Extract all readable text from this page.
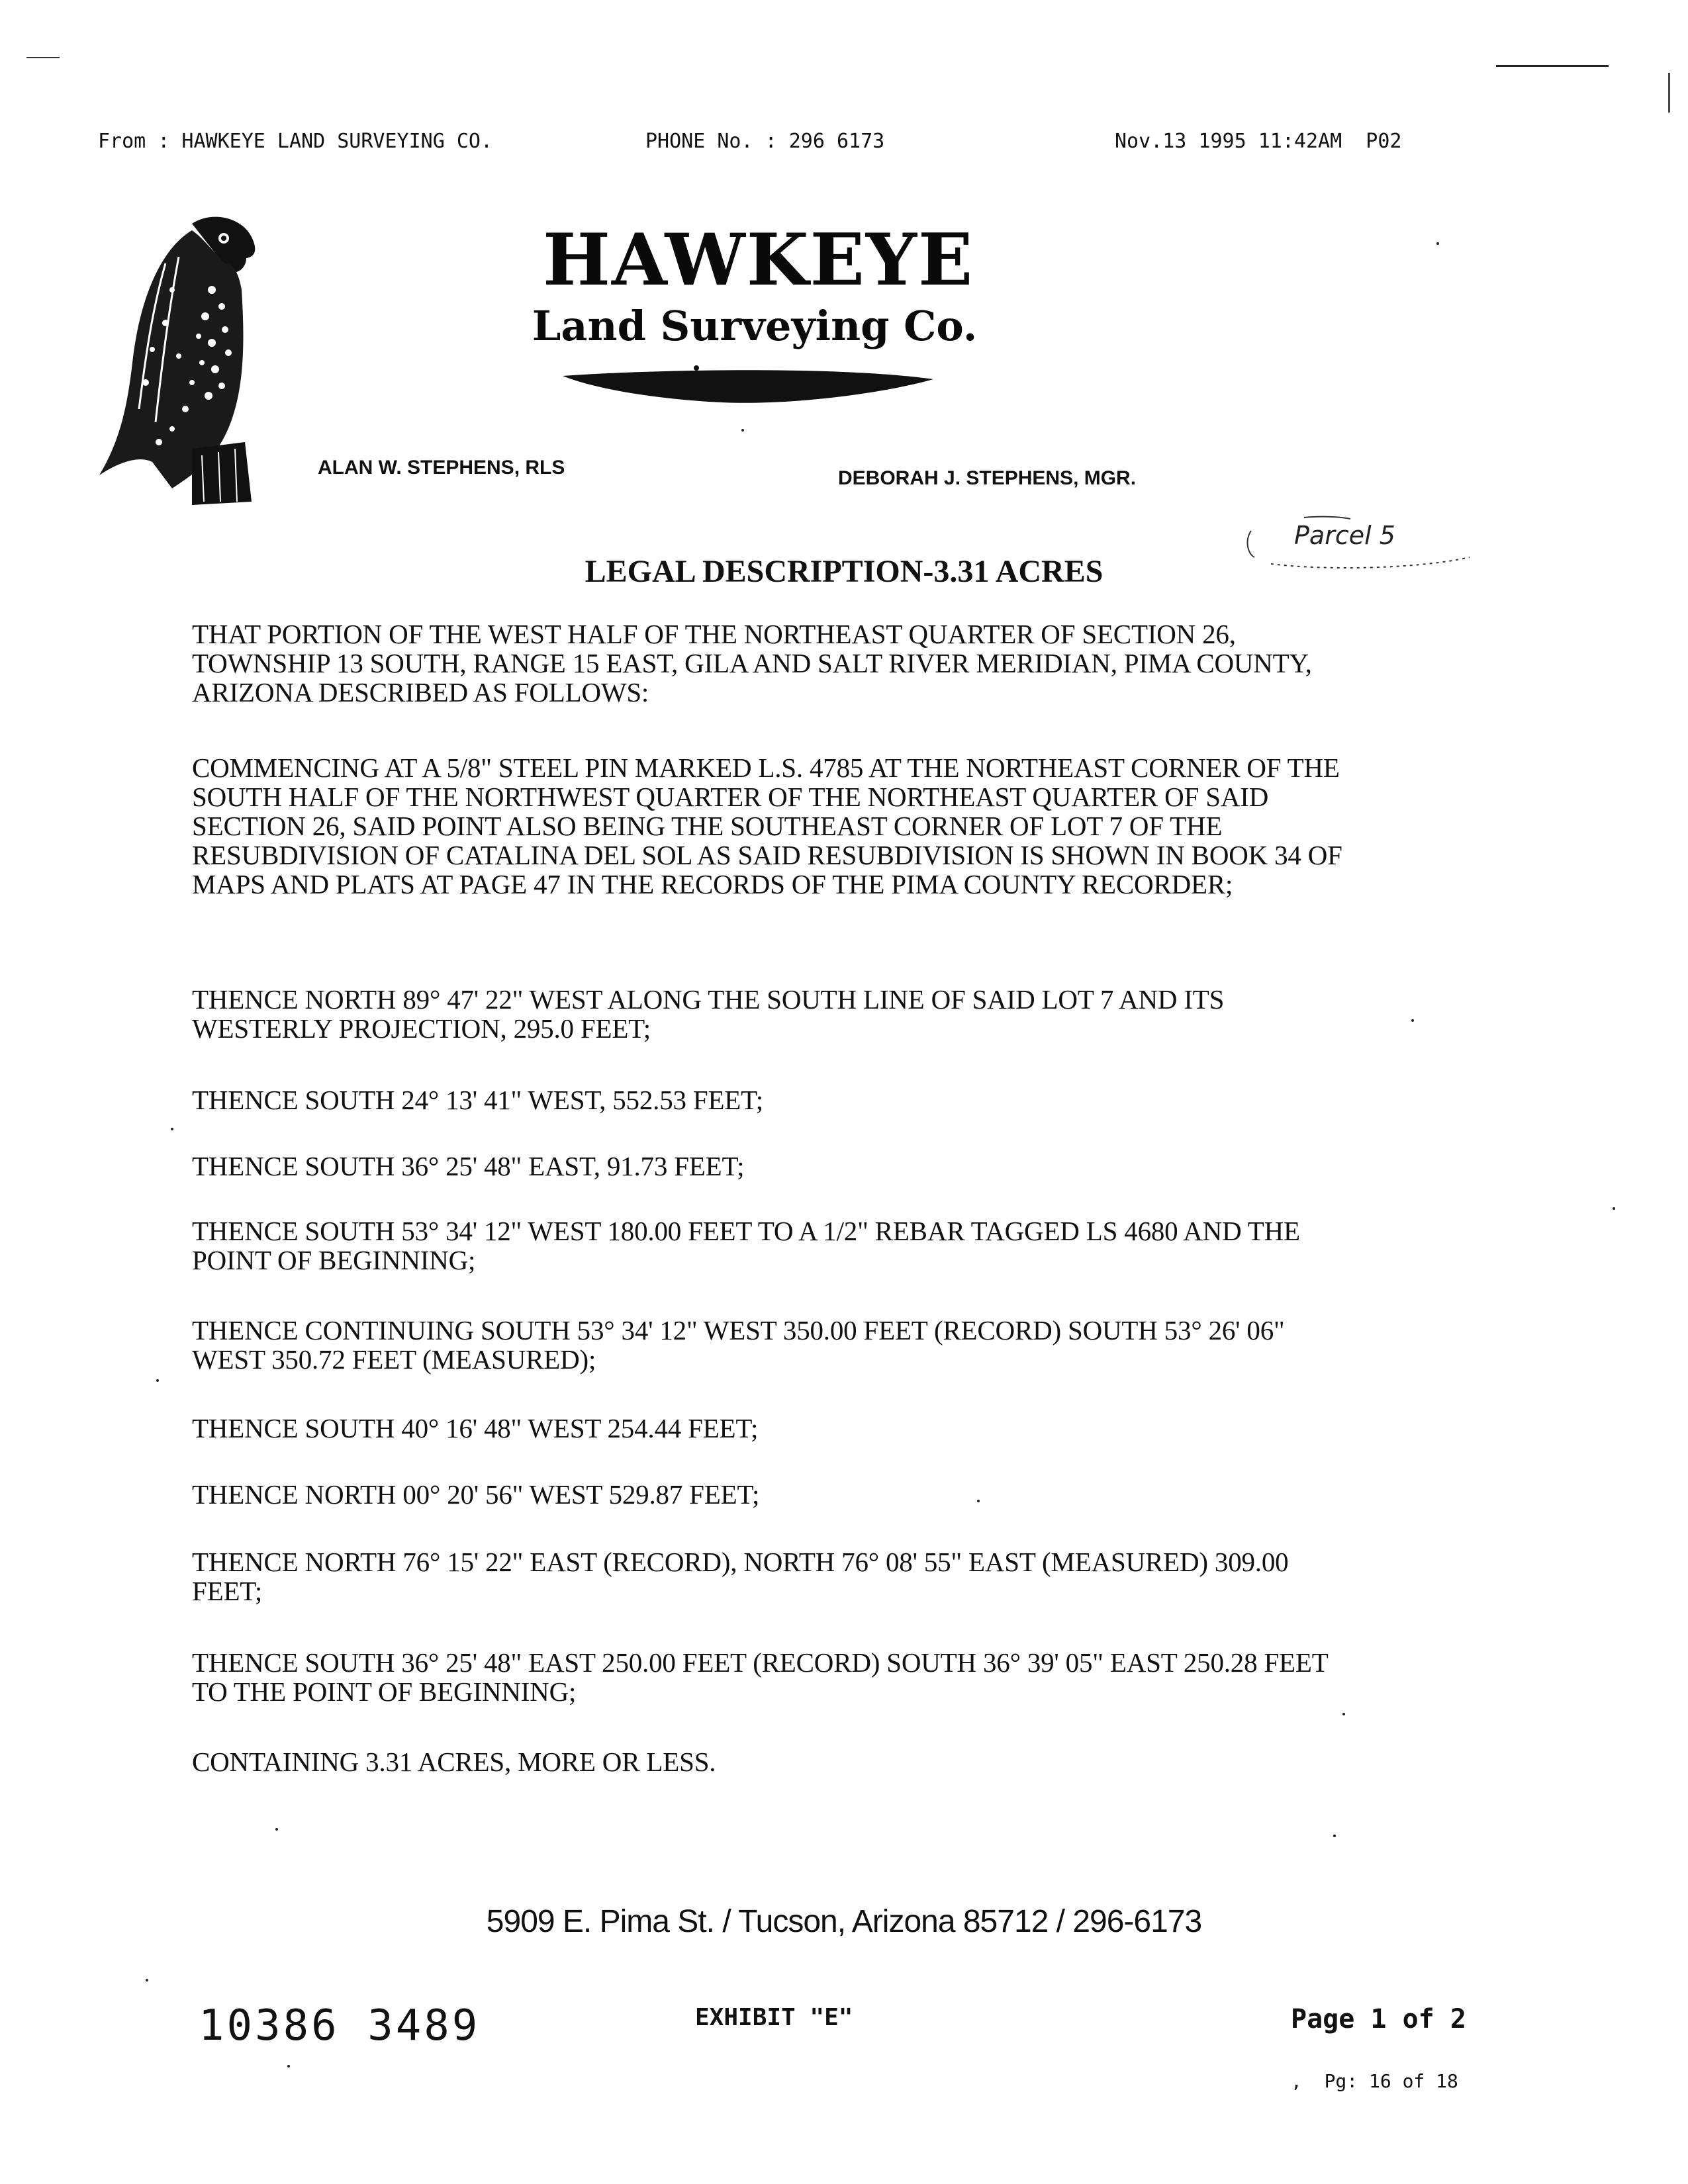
From : HAWKEYE LAND SURVEYING CO.	PHONE No. : 296 6173	Nov.13 1995 11:42AM  P02
HAWKEYE
Land Surveying Co.
ALAN W. STEPHENS, RLS	DEBORAH J. STEPHENS, MGR.
Parcel 5
LEGAL DESCRIPTION-3.31 ACRES

THAT PORTION OF THE WEST HALF OF THE NORTHEAST QUARTER OF SECTION 26, TOWNSHIP 13 SOUTH, RANGE 15 EAST, GILA AND SALT RIVER MERIDIAN, PIMA COUNTY, ARIZONA DESCRIBED AS FOLLOWS:

COMMENCING AT A 5/8" STEEL PIN MARKED L.S. 4785 AT THE NORTHEAST CORNER OF THE SOUTH HALF OF THE NORTHWEST QUARTER OF THE NORTHEAST QUARTER OF SAID SECTION 26, SAID POINT ALSO BEING THE SOUTHEAST CORNER OF LOT 7 OF THE RESUBDIVISION OF CATALINA DEL SOL AS SAID RESUBDIVISION IS SHOWN IN BOOK 34 OF MAPS AND PLATS AT PAGE 47 IN THE RECORDS OF THE PIMA COUNTY RECORDER;

THENCE NORTH 89° 47' 22" WEST ALONG THE SOUTH LINE OF SAID LOT 7 AND ITS WESTERLY PROJECTION, 295.0 FEET;

THENCE SOUTH 24° 13' 41" WEST, 552.53 FEET;

THENCE SOUTH 36° 25' 48" EAST, 91.73 FEET;

THENCE SOUTH 53° 34' 12" WEST 180.00 FEET TO A 1/2" REBAR TAGGED LS 4680 AND THE POINT OF BEGINNING;

THENCE CONTINUING SOUTH 53° 34' 12" WEST 350.00 FEET (RECORD) SOUTH 53° 26' 06" WEST 350.72 FEET (MEASURED);

THENCE SOUTH 40° 16' 48" WEST 254.44 FEET;

THENCE NORTH 00° 20' 56" WEST 529.87 FEET;

THENCE NORTH 76° 15' 22" EAST (RECORD), NORTH 76° 08' 55" EAST (MEASURED) 309.00 FEET;

THENCE SOUTH 36° 25' 48" EAST 250.00 FEET (RECORD) SOUTH 36° 39' 05" EAST 250.28 FEET TO THE POINT OF BEGINNING;

CONTAINING 3.31 ACRES, MORE OR LESS.

5909 E. Pima St. / Tucson, Arizona 85712 / 296-6173
10386 3489	EXHIBIT "E"	Page 1 of 2
,  Pg: 16 of 18
